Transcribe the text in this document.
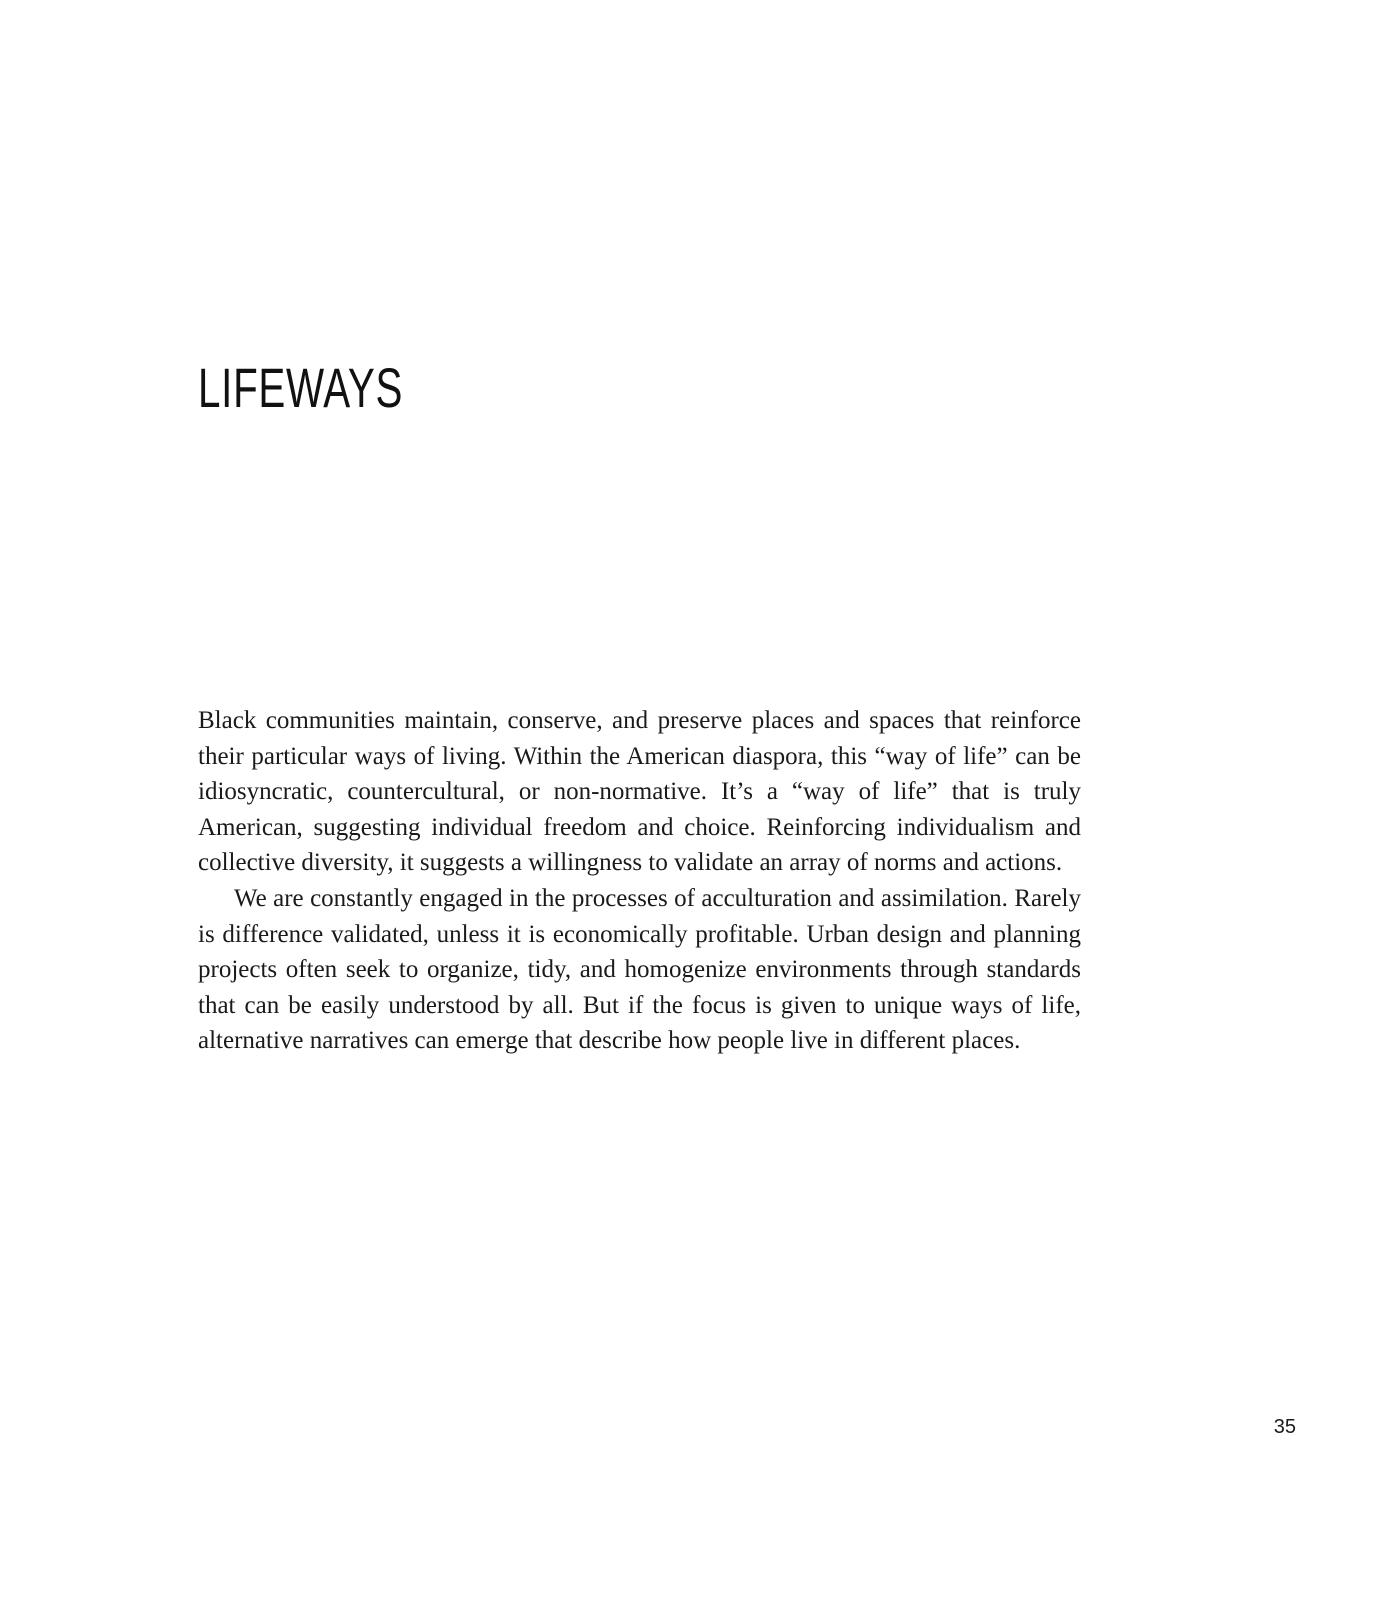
LIFEWAYS

Black communities maintain, conserve, and preserve places and spaces that reinforce their particular ways of living. Within the American diaspora, this “way of life” can be idiosyncratic, countercultural, or non-normative. It’s a “way of life” that is truly American, suggesting individual freedom and choice. Reinforcing individualism and collective diversity, it suggests a willingness to validate an array of norms and actions.

We are constantly engaged in the processes of acculturation and assimilation. Rarely is difference validated, unless it is economically profitable. Urban design and planning projects often seek to organize, tidy, and homogenize environments through standards that can be easily understood by all. But if the focus is given to unique ways of life, alternative narratives can emerge that describe how people live in different places.

35
